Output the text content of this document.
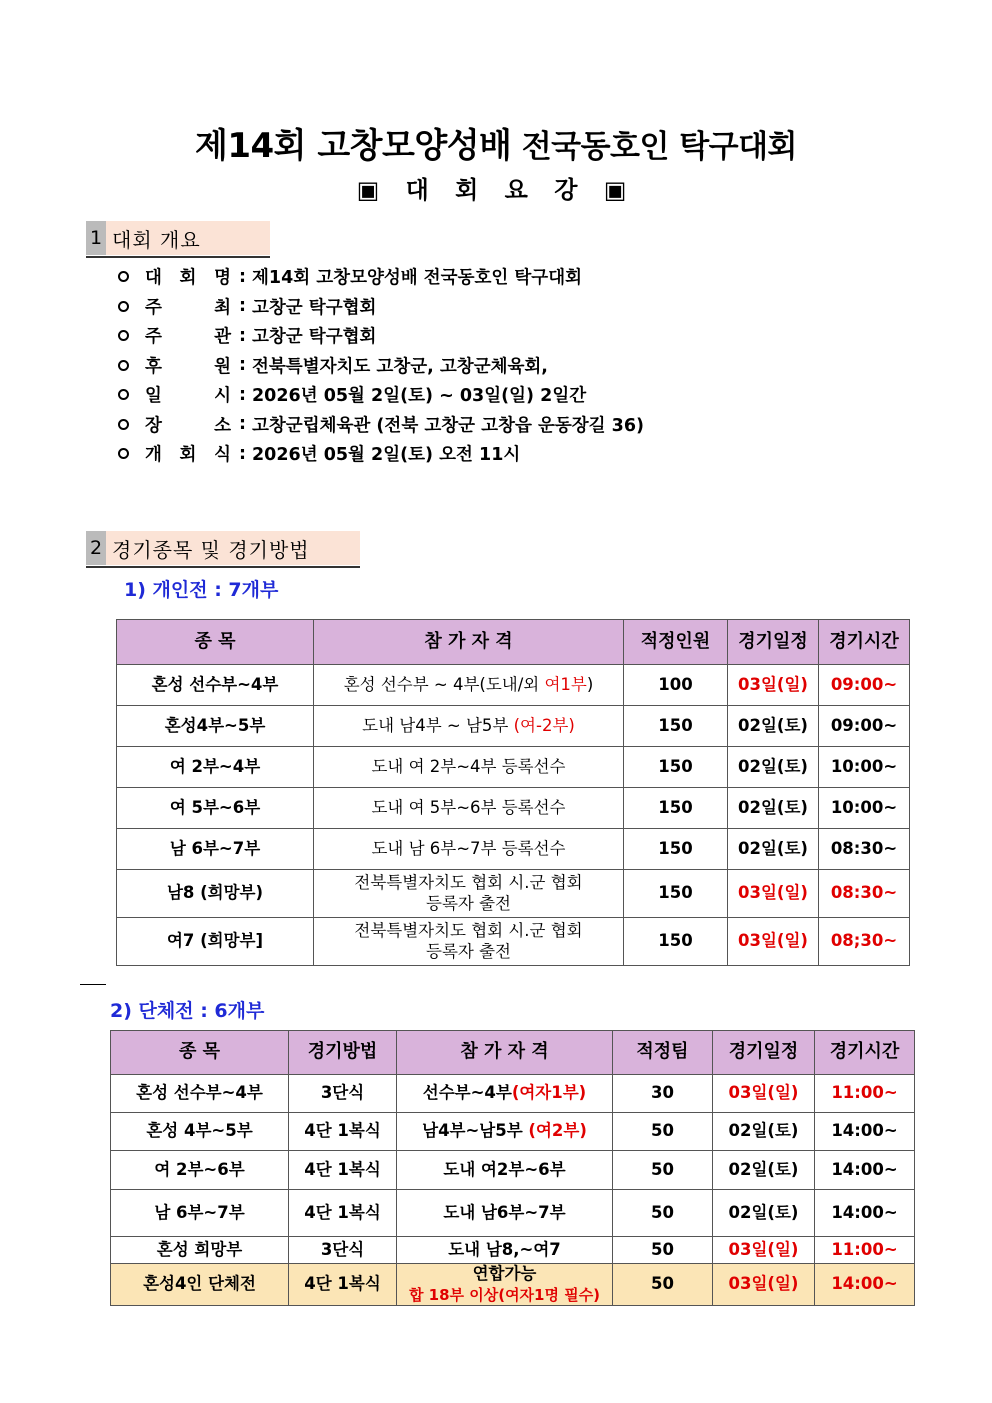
제14회 고창모양성배 전국동호인 탁구대회
▣ 대 회 요 강 ▣
1 대회 개요
대 회 명 : 제14회 고창모양성배 전국동호인 탁구대회
주	최 : 고창군 탁구협회
주	관 : 고창군 탁구협회
후	원 : 전북특별자치도 고창군, 고창군체육회,
일	시 : 2026년 05월 2일(토) ~ 03일(일) 2일간
장	소 : 고창군립체육관 (전북 고창군 고창읍 운동장길 36)
개 회 식 : 2026년 05월 2일(토) 오전 11시
2 경기종목 및 경기방법
1) 개인전 : 7개부
종 목	참 가 자 격	적정인원	경기일정	경기시간
혼성 선수부~4부	혼성 선수부 ~ 4부(도내/외 여1부)	100	03일(일)	09:00~
혼성4부~5부	도내 남4부 ~ 남5부 (여-2부)	150	02일(토)	09:00~
여 2부~4부	도내 여 2부~4부 등록선수	150	02일(토)	10:00~
여 5부~6부	도내 여 5부~6부 등록선수	150	02일(토)	10:00~
남 6부~7부	도내 남 6부~7부 등록선수	150	02일(토)	08:30~
남8 (희망부)	전북특별자치도 협회 시.군 협회
등록자 출전	150	03일(일)	08:30~
여7 (희망부]	전북특별자치도 협회 시.군 협회
등록자 출전	150	03일(일)	08;30~
2) 단체전 : 6개부
종 목	경기방법	참 가 자 격	적정팀	경기일정	경기시간
혼성 선수부~4부	3단식	선수부~4부(여자1부)	30	03일(일)	11:00~
혼성 4부~5부	4단 1복식	남4부~남5부 (여2부)	50	02일(토)	14:00~
여 2부~6부	4단 1복식	도내 여2부~6부	50	02일(토)	14:00~
남 6부~7부	4단 1복식	도내 남6부~7부	50	02일(토)	14:00~
혼성 희망부	3단식	도내 남8,~여7	50	03일(일)	11:00~
혼성4인 단체전	4단 1복식	연합가능
합 18부 이상(여자1명 필수)	50	03일(일)	14:00~
